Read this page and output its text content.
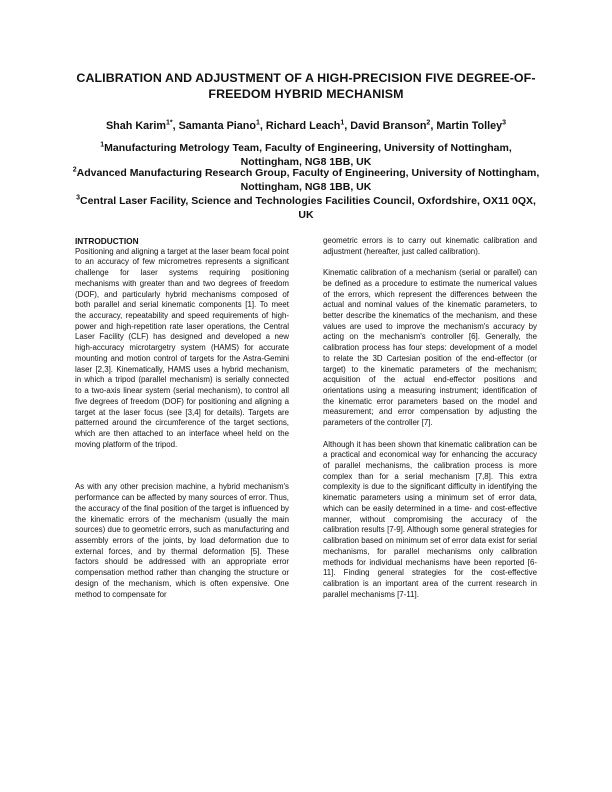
CALIBRATION AND ADJUSTMENT OF A HIGH-PRECISION FIVE DEGREE-OF-FREEDOM HYBRID MECHANISM
Shah Karim$^{1*}$, Samanta Piano$^1$, Richard Leach$^1$, David Branson$^2$, Martin Tolley$^3$
$^1$Manufacturing Metrology Team, Faculty of Engineering, University of Nottingham, Nottingham, NG8 1BB, UK
$^2$Advanced Manufacturing Research Group, Faculty of Engineering, University of Nottingham, Nottingham, NG8 1BB, UK
$^3$Central Laser Facility, Science and Technologies Facilities Council, Oxfordshire, OX11 0QX, UK
INTRODUCTION

Positioning and aligning a target at the laser beam focal point to an accuracy of few micrometres represents a significant challenge for laser systems requiring positioning mechanisms with greater than and two degrees of freedom (DOF), and particularly hybrid mechanisms composed of both parallel and serial kinematic components [1]. To meet the accuracy, repeatability and speed requirements of high-power and high-repetition rate laser operations, the Central Laser Facility (CLF) has designed and developed a new high-accuracy microtargetry system (HAMS) for accurate mounting and motion control of targets for the Astra-Gemini laser [2,3]. Kinematically, HAMS uses a hybrid mechanism, in which a tripod (parallel mechanism) is serially connected to a two-axis linear system (serial mechanism), to control all five degrees of freedom (DOF) for positioning and aligning a target at the laser focus (see [3,4] for details). Targets are patterned around the circumference of the target sections, which are then attached to an interface wheel held on the moving platform of the tripod.

As with any other precision machine, a hybrid mechanism's performance can be affected by many sources of error. Thus, the accuracy of the final position of the target is influenced by the kinematic errors of the mechanism (usually the main sources) due to geometric errors, such as manufacturing and assembly errors of the joints, by load deformation due to external forces, and by thermal deformation [5]. These factors should be addressed with an appropriate error compensation method rather than changing the structure or design of the mechanism, which is often expensive. One method to compensate for

geometric errors is to carry out kinematic calibration and adjustment (hereafter, just called calibration).

Kinematic calibration of a mechanism (serial or parallel) can be defined as a procedure to estimate the numerical values of the errors, which represent the differences between the actual and nominal values of the kinematic parameters, to better describe the kinematics of the mechanism, and these values are used to improve the mechanism's accuracy by acting on the mechanism's controller [6]. Generally, the calibration process has four steps: development of a model to relate the 3D Cartesian position of the end-effector (or target) to the kinematic parameters of the mechanism; acquisition of the actual end-effector positions and orientations using a measuring instrument; identification of the kinematic error parameters based on the model and measurement; and error compensation by adjusting the parameters of the controller [7].

Although it has been shown that kinematic calibration can be a practical and economical way for enhancing the accuracy of parallel mechanisms, the calibration process is more complex than for a serial mechanism [7,8]. This extra complexity is due to the significant difficulty in identifying the kinematic parameters using a minimum set of error data, which can be easily determined in a time- and cost-effective manner, without compromising the accuracy of the calibration results [7-9]. Although some general strategies for calibration based on minimum set of error data exist for serial mechanisms, for parallel mechanisms only calibration methods for individual mechanisms have been reported [6-11]. Finding general strategies for the cost-effective calibration is an important area of the current research in parallel mechanisms [7-11].
